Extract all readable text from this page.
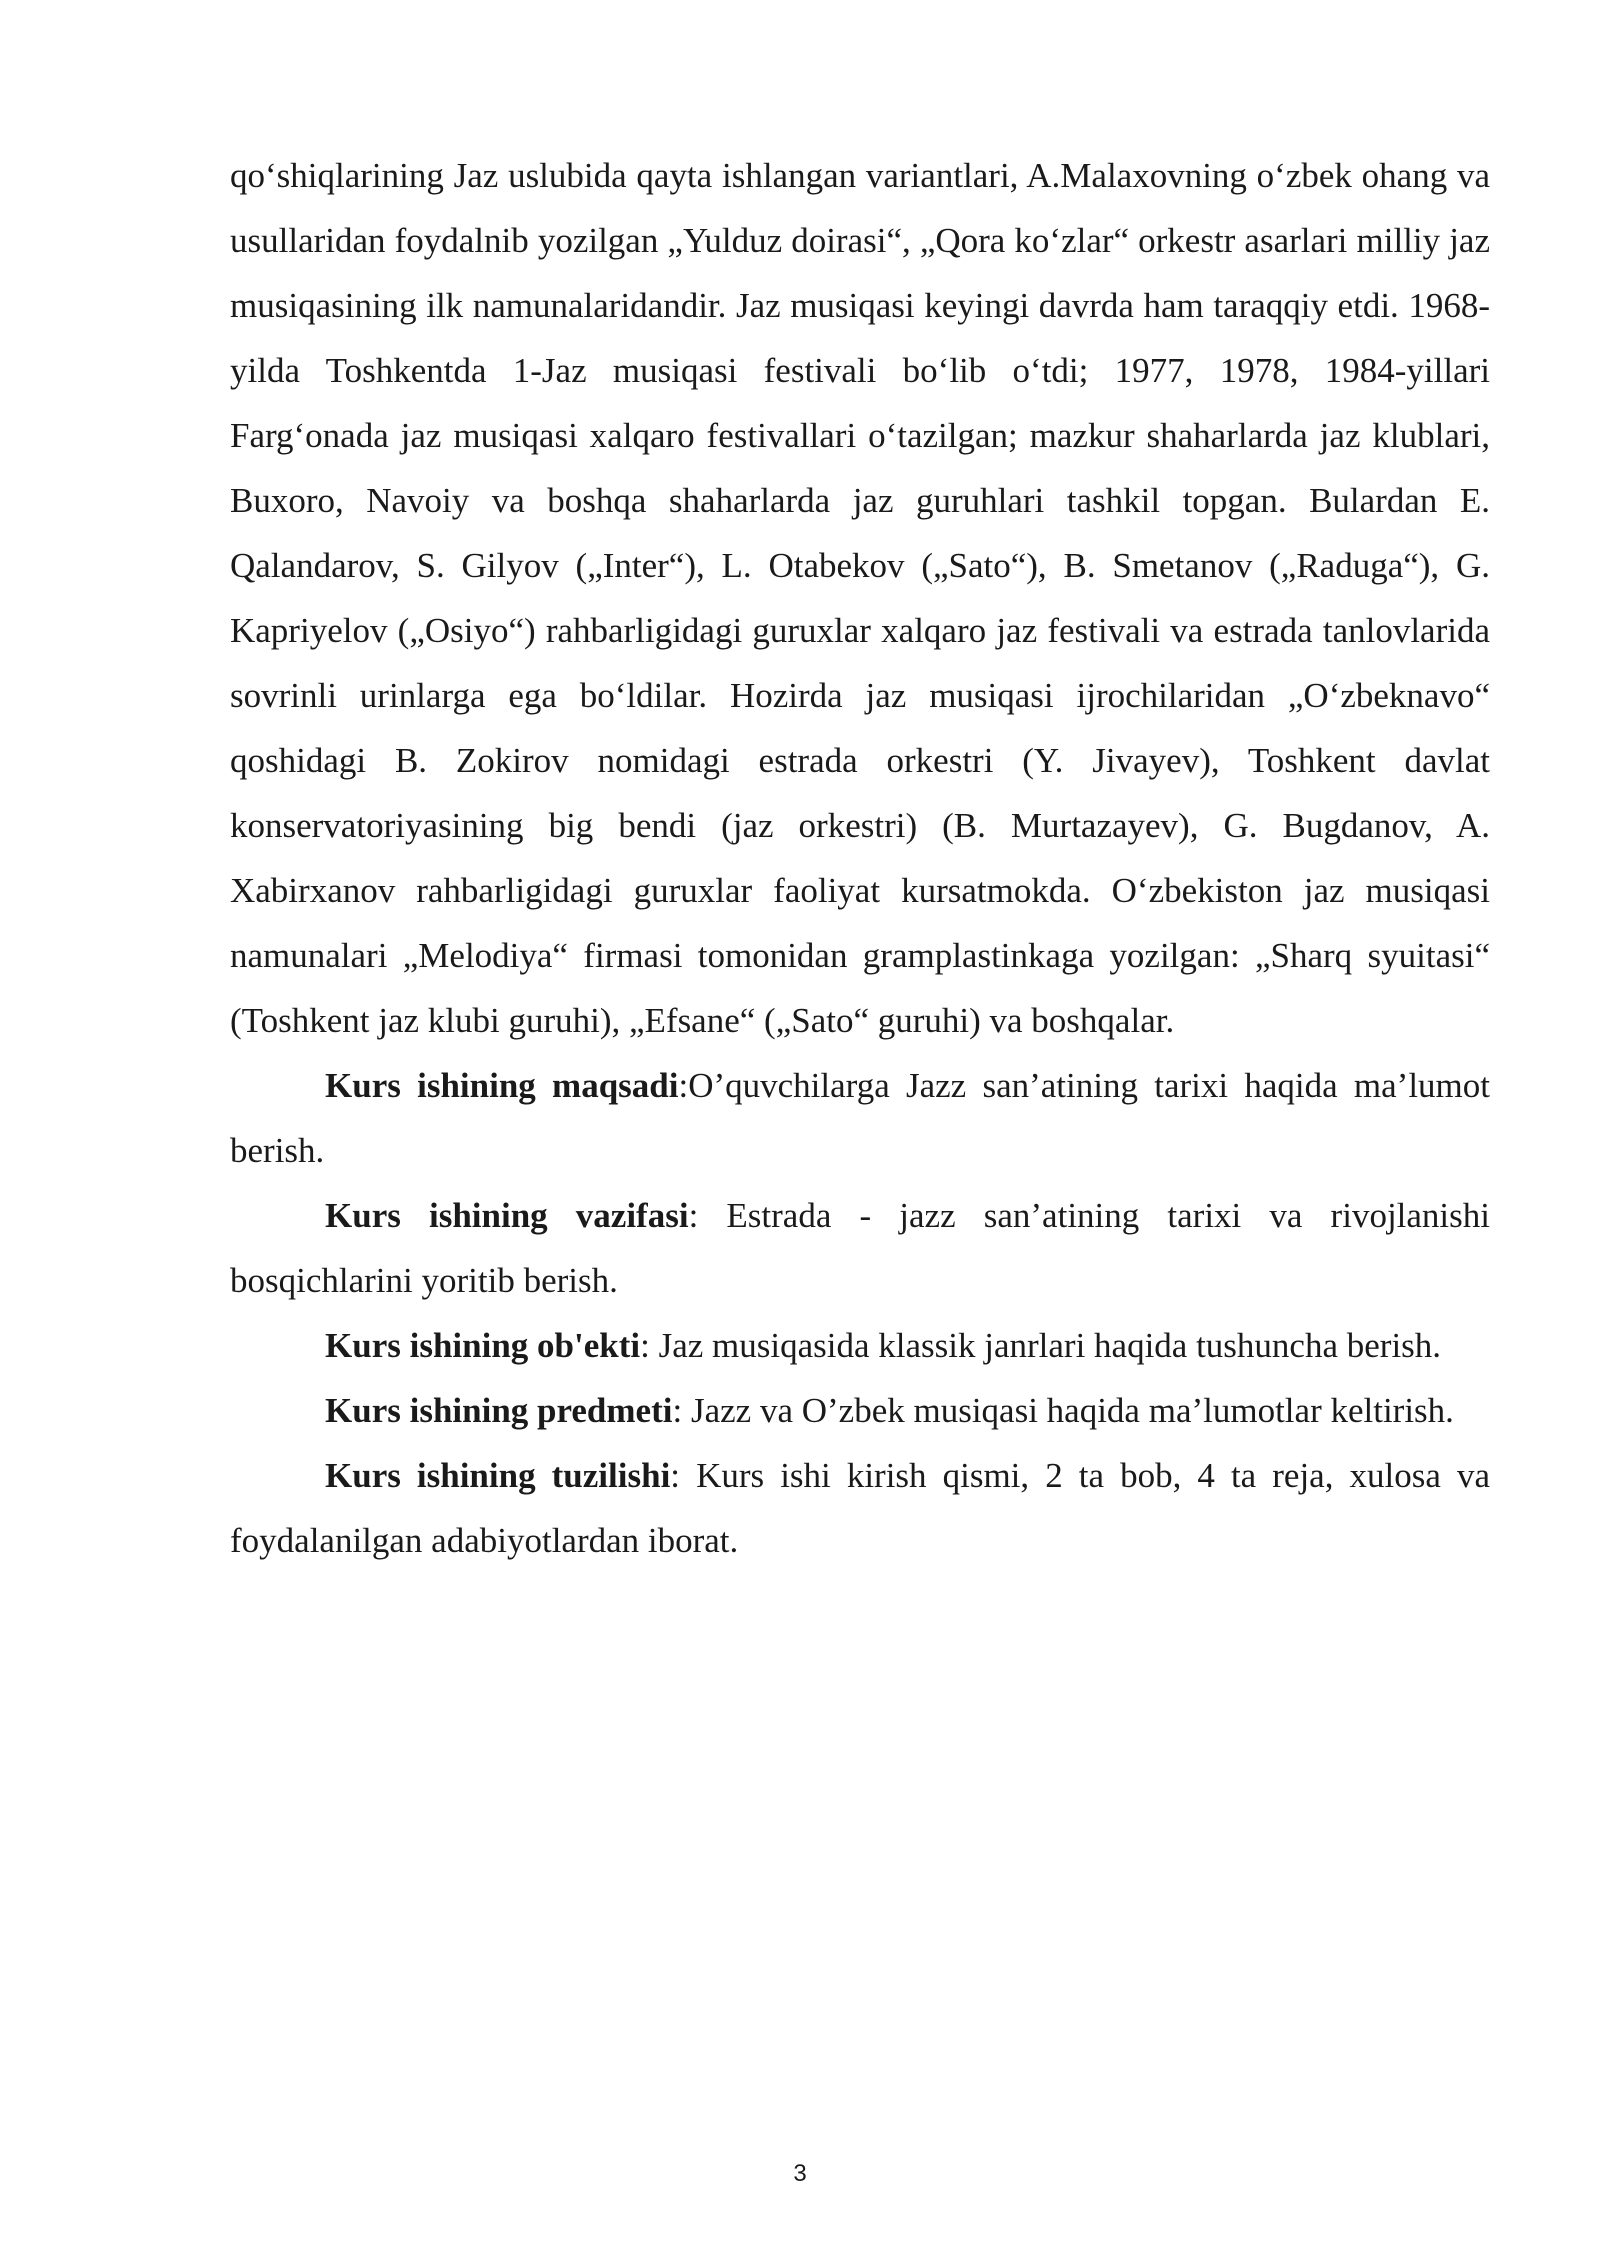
qo‘shiqlarining Jaz uslubida qayta ishlangan variantlari, A.Malaxovning o‘zbek ohang va usullaridan foydalnib yozilgan „Yulduz doirasi“, „Qora ko‘zlar“ orkestr asarlari milliy jaz musiqasining ilk namunalaridandir. Jaz musiqasi keyingi davrda ham taraqqiy etdi. 1968-yilda Toshkentda 1-Jaz musiqasi festivali bo‘lib o‘tdi; 1977, 1978, 1984-yillari Farg‘onada jaz musiqasi xalqaro festivallari o‘tazilgan; mazkur shaharlarda jaz klublari, Buxoro, Navoiy va boshqa shaharlarda jaz guruhlari tashkil topgan. Bulardan E. Qalandarov, S. Gilyov („Inter“), L. Otabekov („Sato“), B. Smetanov („Raduga“), G. Kapriyelov („Osiyo“) rahbarligidagi guruxlar xalqaro jaz festivali va estrada tanlovlarida sovrinli urinlarga ega bo‘ldilar. Hozirda jaz musiqasi ijrochilaridan „O‘zbeknavo“ qoshidagi B. Zokirov nomidagi estrada orkestri (Y. Jivayev), Toshkent davlat konservatoriyasining big bendi (jaz orkestri) (B. Murtazayev), G. Bugdanov, A. Xabirxanov rahbarligidagi guruxlar faoliyat kursatmokda. O‘zbekiston jaz musiqasi namunalari „Melodiya“ firmasi tomonidan gramplastinkaga yozilgan: „Sharq syuitasi“ (Toshkent jaz klubi guruhi), „Efsane“ („Sato“ guruhi) va boshqalar.

Kurs ishining maqsadi:O’quvchilarga Jazz san’atining tarixi haqida ma’lumot berish.

Kurs ishining vazifasi: Estrada - jazz san’atining tarixi va rivojlanishi bosqichlarini yoritib berish.

Kurs ishining ob'ekti: Jaz musiqasida klassik janrlari haqida tushuncha berish.

Kurs ishining predmeti: Jazz va O’zbek musiqasi haqida ma’lumotlar keltirish.

Kurs ishining tuzilishi: Kurs ishi kirish qismi, 2 ta bob, 4 ta reja, xulosa va foydalanilgan adabiyotlardan iborat.

3
